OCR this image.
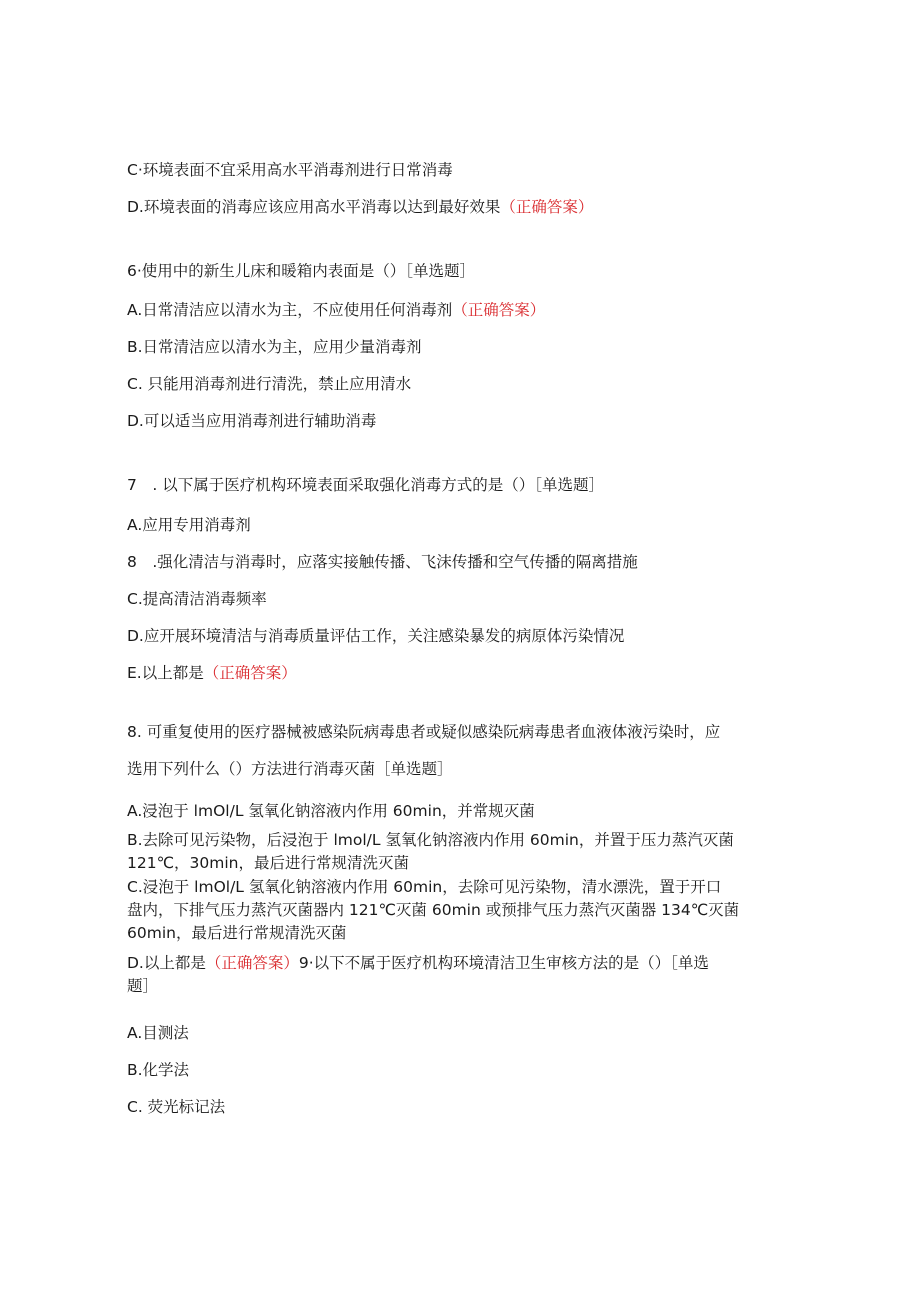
C·环境表面不宜采用高水平消毒剂进行日常消毒
D.环境表面的消毒应该应用高水平消毒以达到最好效果（正确答案）
6·使用中的新生儿床和暖箱内表面是（）［单选题］
A.日常清洁应以清水为主，不应使用任何消毒剂（正确答案）
B.日常清洁应以清水为主，应用少量消毒剂
C. 只能用消毒剂进行清洗，禁止应用清水
D.可以适当应用消毒剂进行辅助消毒
7　. 以下属于医疗机构环境表面采取强化消毒方式的是（）［单选题］
A.应用专用消毒剂
8　.强化清洁与消毒时，应落实接触传播、飞沫传播和空气传播的隔离措施
C.提高清洁消毒频率
D.应开展环境清洁与消毒质量评估工作，关注感染暴发的病原体污染情况
E.以上都是（正确答案）
8. 可重复使用的医疗器械被感染阮病毒患者或疑似感染阮病毒患者血液体液污染时，应
选用下列什么（）方法进行消毒灭菌［单选题］
A.浸泡于 lmOl/L 氢氧化钠溶液内作用 60min，并常规灭菌
B.去除可见污染物，后浸泡于 lmol/L 氢氧化钠溶液内作用 60min，并置于压力蒸汽灭菌
121℃，30min，最后进行常规清洗灭菌
C.浸泡于 lmOl/L 氢氧化钠溶液内作用 60min，去除可见污染物，清水漂洗，置于开口
盘内，下排气压力蒸汽灭菌器内 121℃灭菌 60min 或预排气压力蒸汽灭菌器 134℃灭菌
60min，最后进行常规清洗灭菌
D.以上都是（正确答案）9·以下不属于医疗机构环境清洁卫生审核方法的是（）［单选
题］
A.目测法
B.化学法
C. 荧光标记法
